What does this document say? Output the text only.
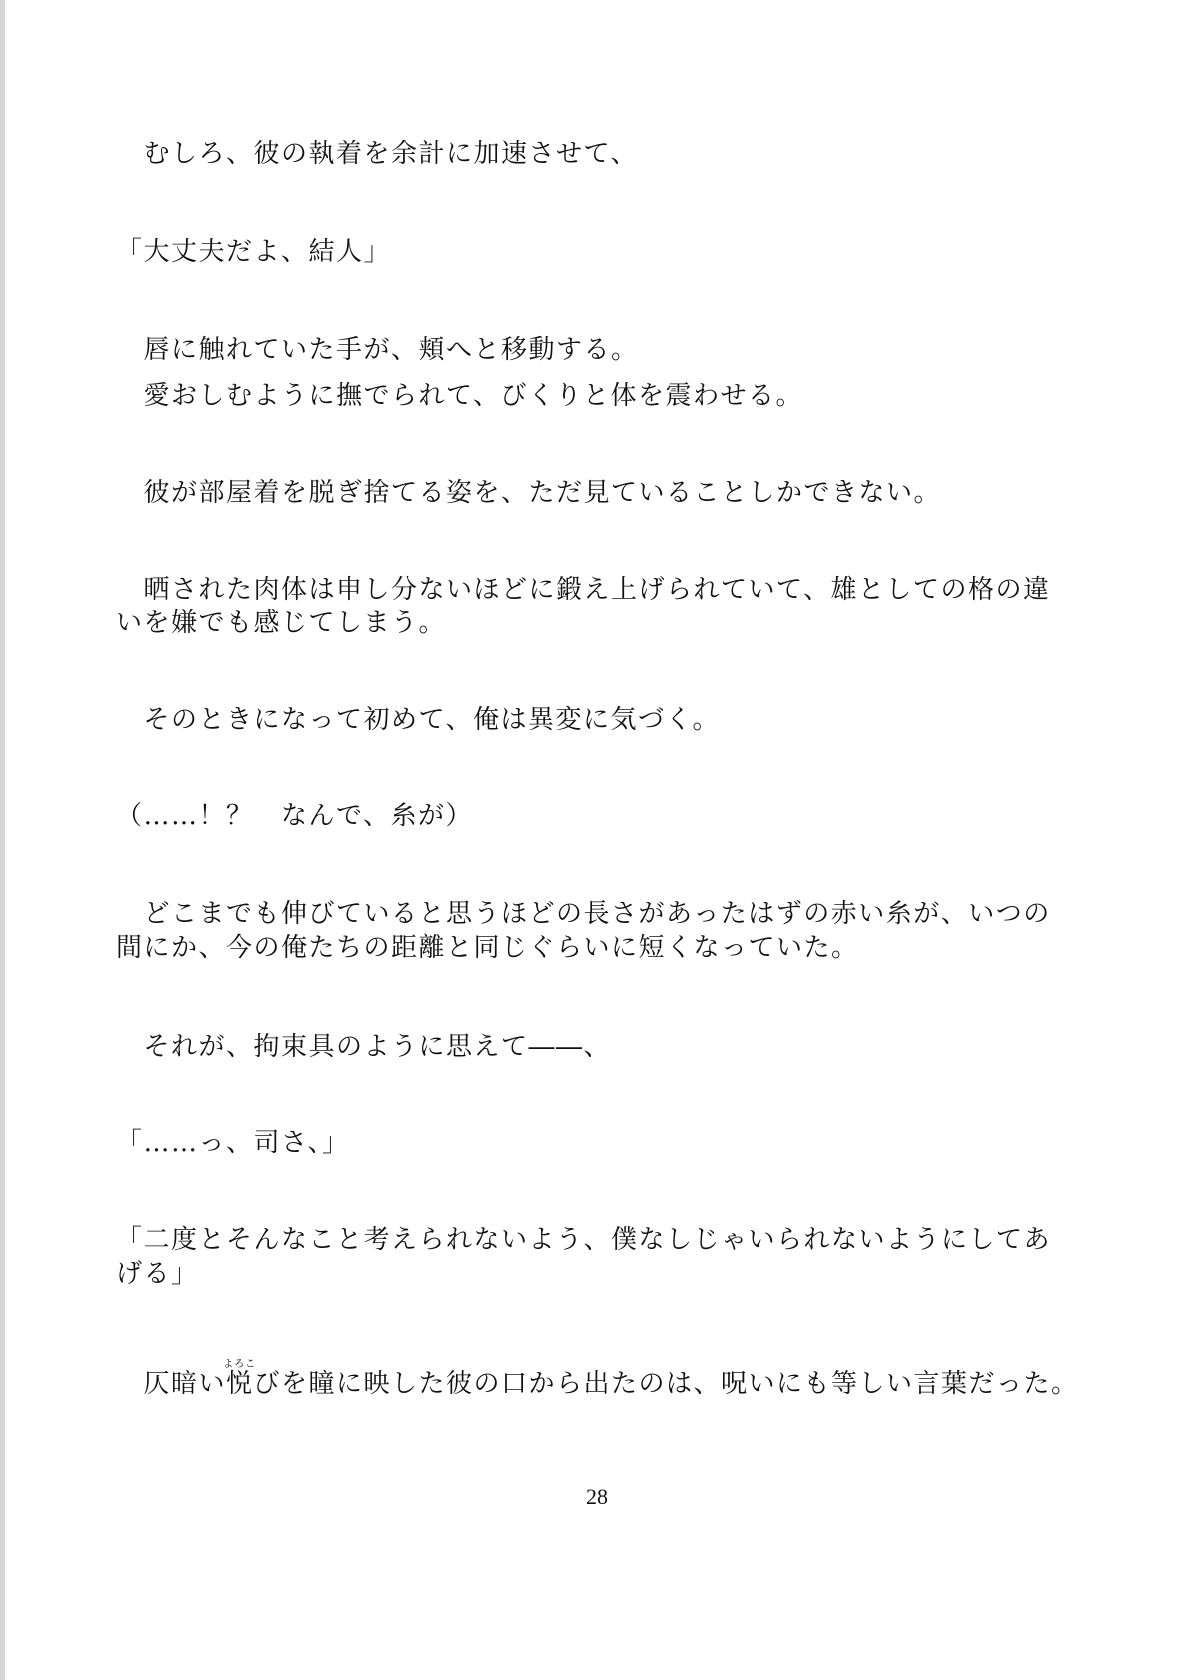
　むしろ、彼の執着を余計に加速させて、
「大丈夫だよ、結人」
　唇に触れていた手が、頬へと移動する。
　愛おしむように撫でられて、びくりと体を震わせる。
　彼が部屋着を脱ぎ捨てる姿を、ただ見ていることしかできない。
　晒された肉体は申し分ないほどに鍛え上げられていて、雄としての格の違
いを嫌でも感じてしまう。
　そのときになって初めて、俺は異変に気づく。
（……！？　なんで、糸が）
　どこまでも伸びていると思うほどの長さがあったはずの赤い糸が、いつの
間にか、今の俺たちの距離と同じぐらいに短くなっていた。
　それが、拘束具のように思えて――、
「……っ、司さ、」
「二度とそんなこと考えられないよう、僕なしじゃいられないようにしてあ
げる」
　仄暗い悦よろこびを瞳に映した彼の口から出たのは、呪いにも等しい言葉だった。
28
